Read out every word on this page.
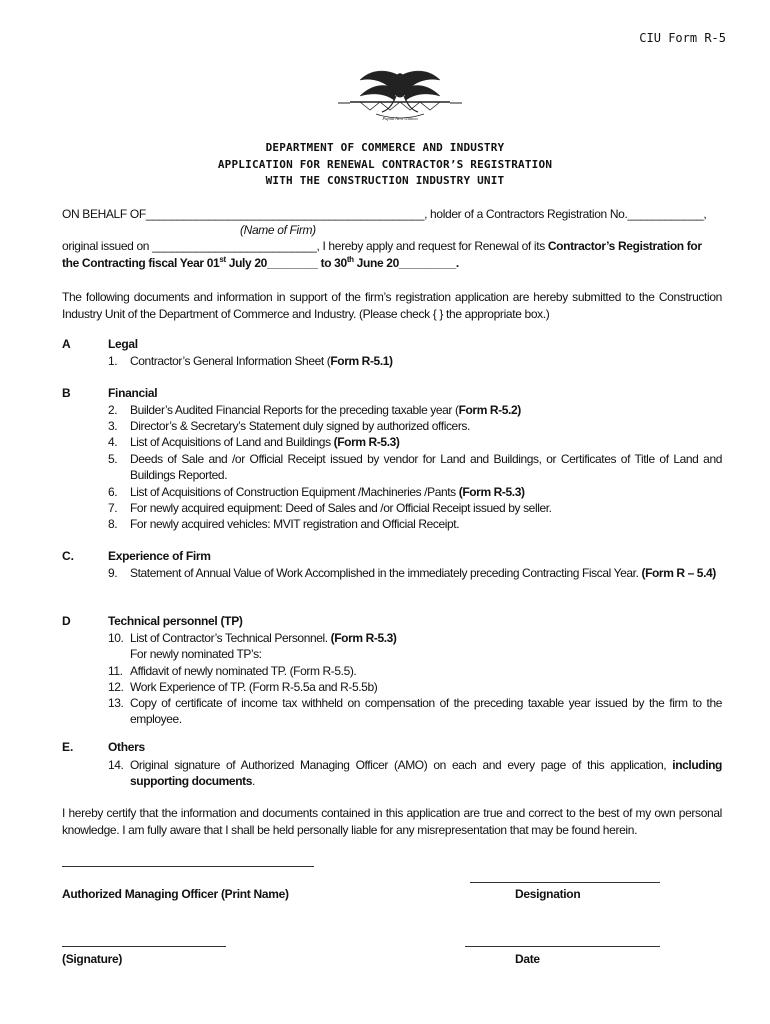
CIU Form R-5
Papua New Guinea
DEPARTMENT OF COMMERCE AND INDUSTRY
APPLICATION FOR RENEWAL CONTRACTOR’S REGISTRATION
WITH THE CONSTRUCTION INDUSTRY UNIT
ON BEHALF OF____________________________________________, holder of a Contractors Registration No.____________,
(Name of Firm)
original issued on __________________________, I hereby apply and request for Renewal of its Contractor’s Registration for
the Contracting fiscal Year 01st July 20________ to 30th June 20_________.
The following documents and information in support of the firm’s registration application are hereby submitted to the Construction Industry Unit of the Department of Commerce and Industry. (Please check { } the appropriate box.)
A	Legal
1. Contractor’s General Information Sheet (Form R-5.1)
B	Financial
2. Builder’s Audited Financial Reports for the preceding taxable year (Form R-5.2)
3. Director’s & Secretary’s Statement duly signed by authorized officers.
4. List of Acquisitions of Land and Buildings (Form R-5.3)
5. Deeds of Sale and /or Official Receipt issued by vendor for Land and Buildings, or Certificates of Title of Land and Buildings Reported.
6. List of Acquisitions of Construction Equipment /Machineries /Pants (Form R-5.3)
7. For newly acquired equipment: Deed of Sales and /or Official Receipt issued by seller.
8. For newly acquired vehicles: MVIT registration and Official Receipt.
C.	Experience of Firm
9. Statement of Annual Value of Work Accomplished in the immediately preceding Contracting Fiscal Year. (Form R – 5.4)
D	Technical personnel (TP)
10. List of Contractor’s Technical Personnel. (Form R-5.3)
For newly nominated TP’s:
11. Affidavit of newly nominated TP. (Form R-5.5).
12. Work Experience of TP. (Form R-5.5a and R-5.5b)
13. Copy of certificate of income tax withheld on compensation of the preceding taxable year issued by the firm to the employee.
E.	Others
14. Original signature of Authorized Managing Officer (AMO) on each and every page of this application, including supporting documents.
I hereby certify that the information and documents contained in this application are true and correct to the best of my own personal knowledge. I am fully aware that I shall be held personally liable for any misrepresentation that may be found herein.
Authorized Managing Officer (Print Name)	Designation
(Signature)	Date
